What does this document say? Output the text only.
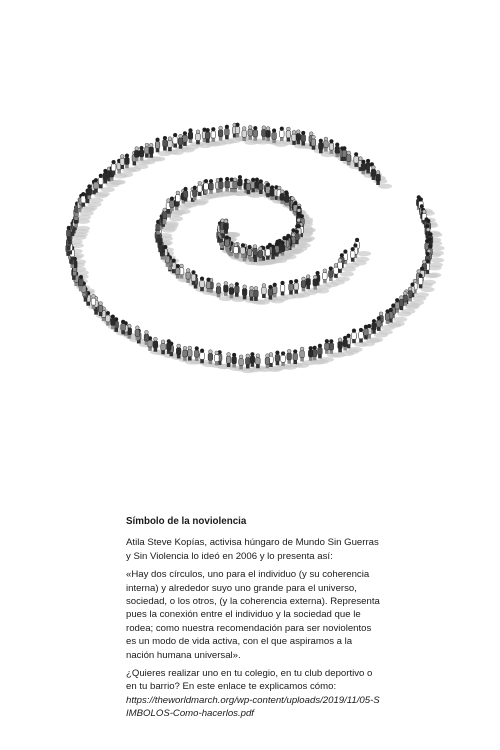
Símbolo de la noviolencia

Atila Steve Kopías, activisa húngaro de Mundo Sin Guerras y Sin Violencia lo ideó en 2006 y lo presenta así:

«Hay dos círculos, uno para el individuo (y su coherencia interna) y alrededor suyo uno grande para el universo, sociedad, o los otros, (y la coherencia externa). Representa pues la conexión entre el individuo y la sociedad que le rodea; como nuestra recomendación para ser noviolentos es un modo de vida activa, con el que aspiramos a la nación humana universal».

¿Quieres realizar uno en tu colegio, en tu club deportivo o en tu barrio? En este enlace te explicamos cómo:
https://theworldmarch.org/wp-content/uploads/2019/11/05-SIMBOLOS-Como-hacerlos.pdf
